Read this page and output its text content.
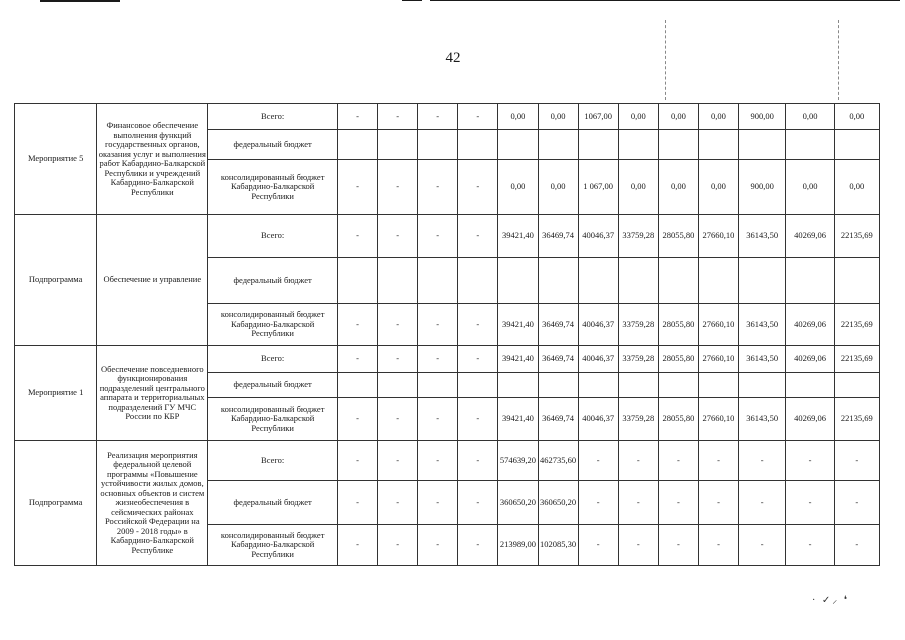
42
Мероприятие 5	Финансовое обеспечение выполнения функций государственных органов, оказания услуг и выполнения работ Кабардино-Балкарской Республики и учреждений Кабардино-Балкарской Республики	Всего:	-	-	-	-	0,00	0,00	1067,00	0,00	0,00	0,00	900,00	0,00	0,00
		федеральный бюджет													
		консолидированный бюджет Кабардино-Балкарской Республики	-	-	-	-	0,00	0,00	1 067,00	0,00	0,00	0,00	900,00	0,00	0,00
Подпрограмма	Обеспечение и управление	Всего:	-	-	-	-	39421,40	36469,74	40046,37	33759,28	28055,80	27660,10	36143,50	40269,06	22135,69
		федеральный бюджет													
		консолидированный бюджет Кабардино-Балкарской Республики	-	-	-	-	39421,40	36469,74	40046,37	33759,28	28055,80	27660,10	36143,50	40269,06	22135,69
Мероприятие 1	Обеспечение повседневного функционирования подразделений центрального аппарата и территориальных подразделений ГУ МЧС России по КБР	Всего:	-	-	-	-	39421,40	36469,74	40046,37	33759,28	28055,80	27660,10	36143,50	40269,06	22135,69
		федеральный бюджет													
		консолидированный бюджет Кабардино-Балкарской Республики	-	-	-	-	39421,40	36469,74	40046,37	33759,28	28055,80	27660,10	36143,50	40269,06	22135,69
Подпрограмма	Реализация мероприятия федеральной целевой программы «Повышение устойчивости жилых домов, основных объектов и систем жизнеобеспечения в сейсмических районах Российской Федерации на 2009 - 2018 годы» в Кабардино-Балкарской Республике	Всего:	-	-	-	-	574639,20	462735,60	-	-	-	-	-	-	-
		федеральный бюджет	-	-	-	-	360650,20	360650,20	-	-	-	-	-	-	-
		консолидированный бюджет Кабардино-Балкарской Республики	-	-	-	-	213989,00	102085,30	-	-	-	-	-	-	-
· ✓⸝ ❛
